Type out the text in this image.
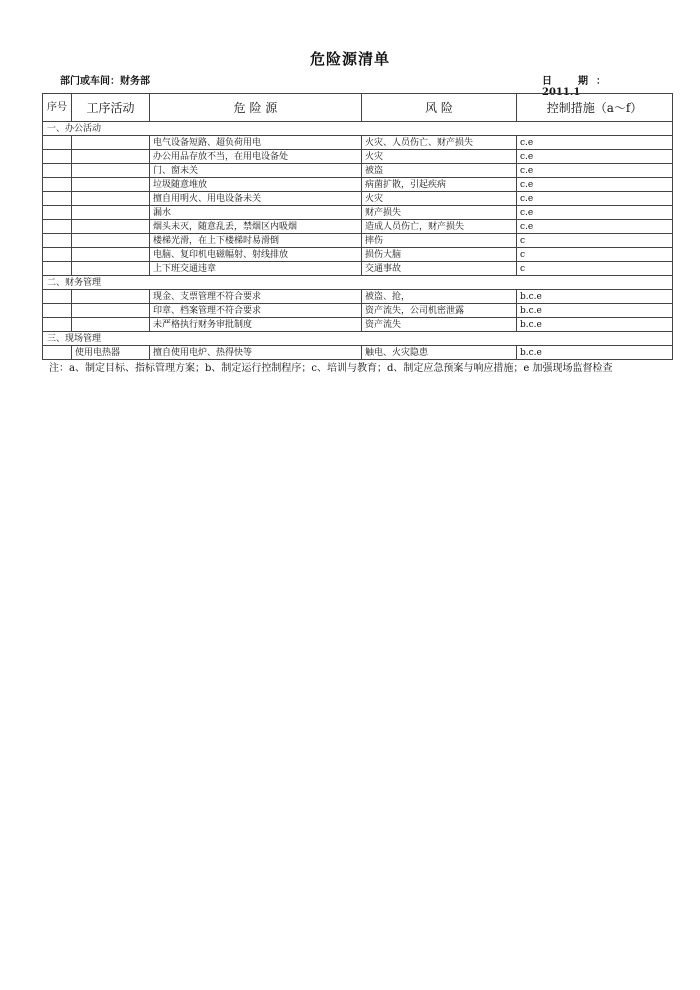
危险源清单
部门或车间：财务部	日　期：2011.1
序号	工序活动	危 险 源	风 险	控制措施（a～f）
一、办公活动				
		电气设备短路、超负荷用电	火灾、人员伤亡、财产损失	c.e
		办公用品存放不当，在用电设备处	火灾	c.e
		门、窗未关	被盗	c.e
		垃圾随意堆放	病菌扩散，引起疾病	c.e
		擅自用明火、用电设备未关	火灾	c.e
		漏水	财产损失	c.e
		烟头未灭，随意乱丢，禁烟区内吸烟	造成人员伤亡，财产损失	c.e
		楼梯光滑，在上下楼梯时易滑倒	摔伤	c
		电脑、复印机电磁幅射、射线排放	损伤大脑	c
		上下班交通违章	交通事故	c
二、财务管理				
		现金、支票管理不符合要求	被盗、抢，	b.c.e
		印章、档案管理不符合要求	资产流失，公司机密泄露	b.c.e
		未严格执行财务审批制度	资产流失	b.c.e
三、现场管理				
	使用电热器	擅自使用电炉、热得快等	触电、火灾隐患	b.c.e
注：a、制定目标、指标管理方案；b、制定运行控制程序；c、培训与教育；d、制定应急预案与响应措施；e 加强现场监督检查
